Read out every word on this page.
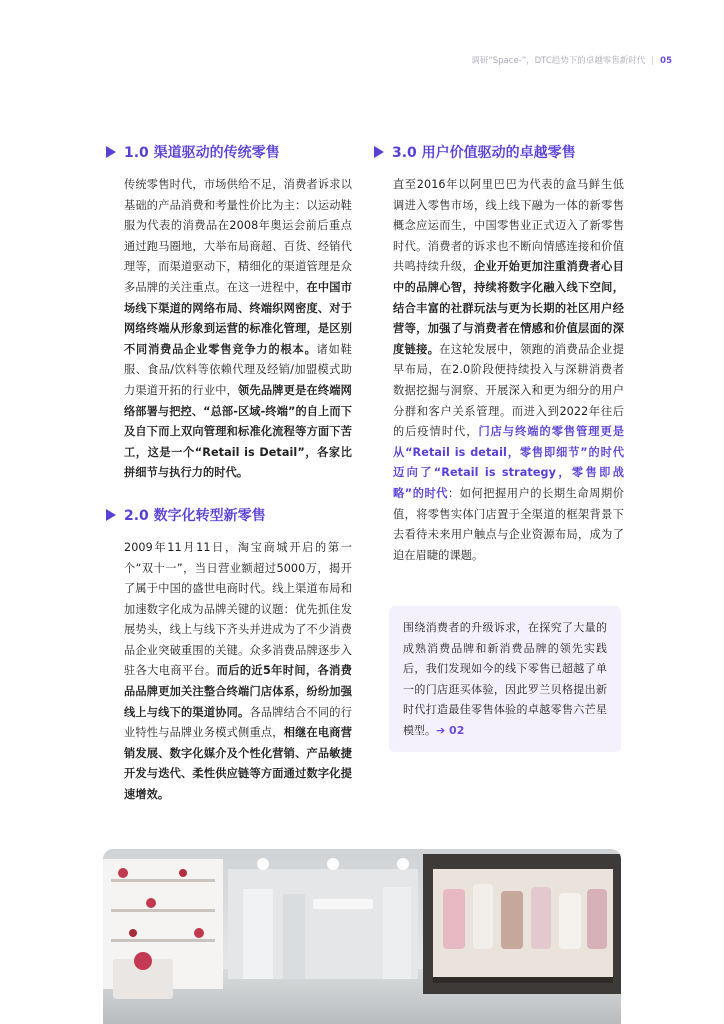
调研“Space-”，DTC趋势下的卓越零售新时代 | 05
1.0 渠道驱动的传统零售

传统零售时代，市场供给不足，消费者诉求以基础的产品消费和考量性价比为主：以运动鞋服为代表的消费品在2008年奥运会前后重点通过跑马圈地，大举布局商超、百货、经销代理等，而渠道驱动下，精细化的渠道管理是众多品牌的关注重点。在这一进程中，在中国市场线下渠道的网络布局、终端织网密度、对于网络终端从形象到运营的标准化管理，是区别不同消费品企业零售竞争力的根本。诸如鞋服、食品/饮料等依赖代理及经销/加盟模式助力渠道开拓的行业中，领先品牌更是在终端网络部署与把控、“总部-区域-终端”的自上而下及自下而上双向管理和标准化流程等方面下苦工，这是一个“Retail is Detail”，各家比拼细节与执行力的时代。

2.0 数字化转型新零售

2009年11月11日，淘宝商城开启的第一个“双十一”，当日营业额超过5000万，揭开了属于中国的盛世电商时代。线上渠道布局和加速数字化成为品牌关键的议题：优先抓住发展势头，线上与线下齐头并进成为了不少消费品企业突破重围的关键。众多消费品牌逐步入驻各大电商平台。而后的近5年时间，各消费品品牌更加关注整合终端门店体系，纷纷加强线上与线下的渠道协同。各品牌结合不同的行业特性与品牌业务模式侧重点，相继在电商营销发展、数字化媒介及个性化营销、产品敏捷开发与迭代、柔性供应链等方面通过数字化提速增效。

3.0 用户价值驱动的卓越零售

直至2016年以阿里巴巴为代表的盒马鲜生低调进入零售市场，线上线下融为一体的新零售概念应运而生，中国零售业正式迈入了新零售时代。消费者的诉求也不断向情感连接和价值共鸣持续升级，企业开始更加注重消费者心目中的品牌心智，持续将数字化融入线下空间，结合丰富的社群玩法与更为长期的社区用户经营等，加强了与消费者在情感和价值层面的深度链接。在这轮发展中，领跑的消费品企业提早布局，在2.0阶段便持续投入与深耕消费者数据挖掘与洞察、开展深入和更为细分的用户分群和客户关系管理。而进入到2022年往后的后疫情时代，门店与终端的零售管理更是从“Retail is detail，零售即细节”的时代迈向了“Retail is strategy，零售即战略”的时代：如何把握用户的长期生命周期价值，将零售实体门店置于全渠道的框架背景下去看待未来用户触点与企业资源布局，成为了迫在眉睫的课题。

围绕消费者的升级诉求，在探究了大量的成熟消费品牌和新消费品牌的领先实践后，我们发现如今的线下零售已超越了单一的门店逛买体验，因此罗兰贝格提出新时代打造最佳零售体验的卓越零售六芒星模型。➔ 02
